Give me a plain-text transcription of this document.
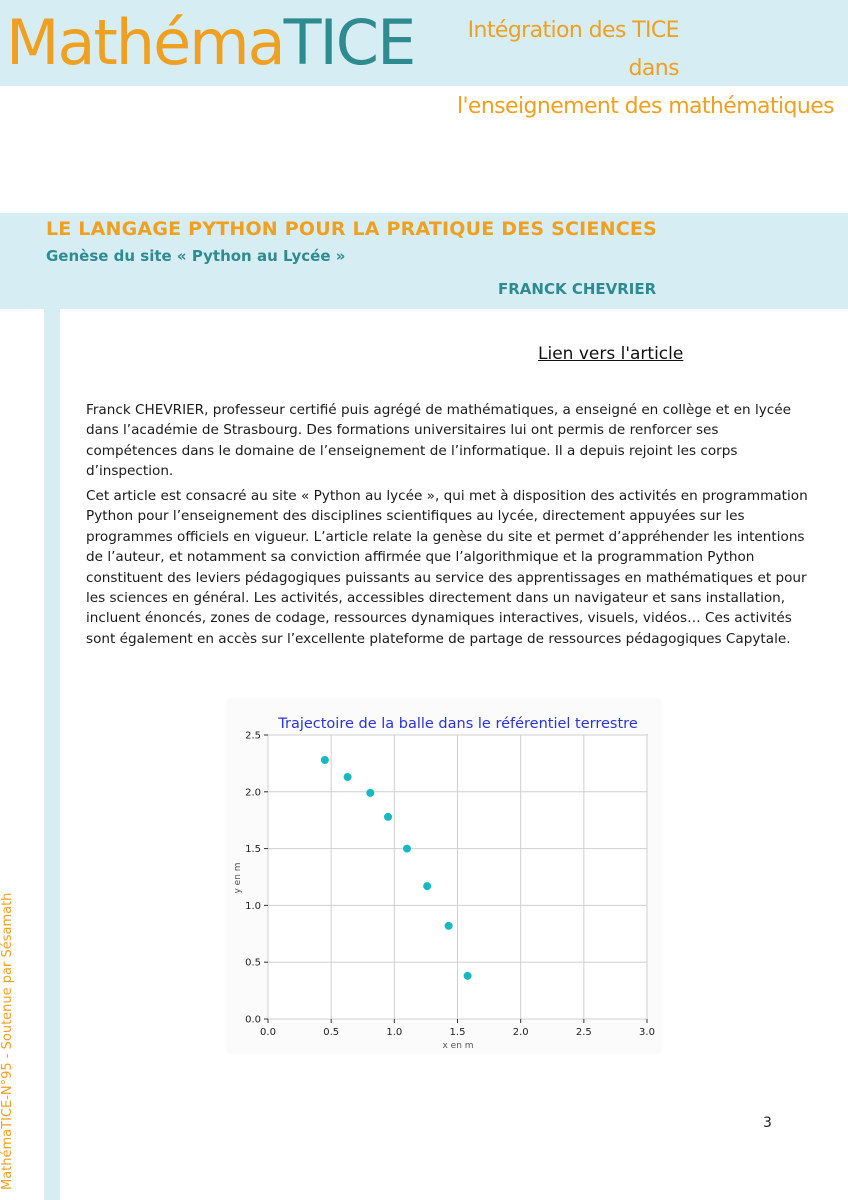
MathémaTICE	Intégration des TICE dans
l'enseignement des mathématiques
LE LANGAGE PYTHON POUR LA PRATIQUE DES SCIENCES
Genèse du site « Python au Lycée »
FRANCK CHEVRIER
MathémaTICE-N°95 - Soutenue par Sésamath
Lien vers l'article

Franck CHEVRIER, professeur certifié puis agrégé de mathématiques, a enseigné en collège et en lycée dans l’académie de Strasbourg. Des formations universitaires lui ont permis de renforcer ses compétences dans le domaine de l’enseignement de l’informatique. Il a depuis rejoint les corps d’inspection.

Cet article est consacré au site « Python au lycée », qui met à disposition des activités en programmation Python pour l’enseignement des disciplines scientifiques au lycée, directement appuyées sur les programmes officiels en vigueur. L’article relate la genèse du site et permet d’appréhender les intentions de l’auteur, et notamment sa conviction affirmée que l’algorithmique et la programmation Python constituent des leviers pédagogiques puissants au service des apprentissages en mathématiques et pour les sciences en général. Les activités, accessibles directement dans un navigateur et sans installation, incluent énoncés, zones de codage, ressources dynamiques interactives, visuels, vidéos… Ces activités sont également en accès sur l’excellente plateforme de partage de ressources pédagogiques Capytale.

Trajectoire de la balle dans le référentiel terrestre
0.0	0.5	1.0	1.5	2.0	2.5	3.0
0.0
0.5
1.0
1.5
2.0
2.5
x en m
y en m
3
